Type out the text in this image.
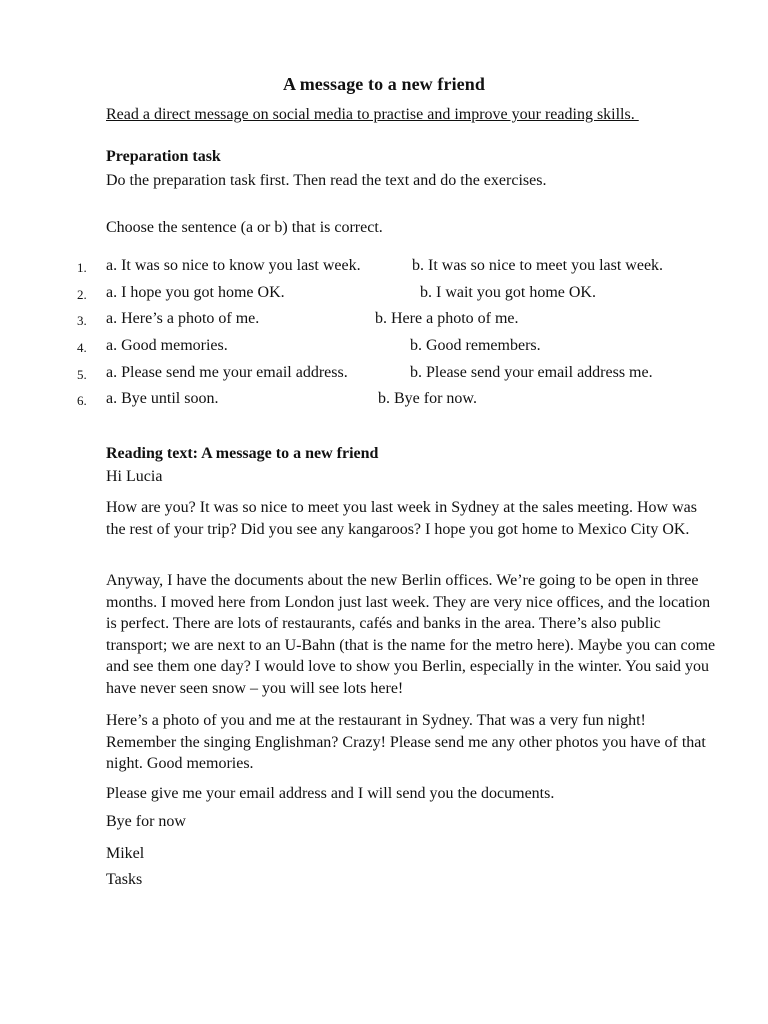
A message to a new friend
Read a direct message on social media to practise and improve your reading skills.
Preparation task
Do the preparation task first. Then read the text and do the exercises.
Choose the sentence (a or b) that is correct.
1. a. It was so nice to know you last week.	b. It was so nice to meet you last week.
2. a. I hope you got home OK.	b. I wait you got home OK.
3. a. Here’s a photo of me.	b. Here a photo of me.
4. a. Good memories.	b. Good remembers.
5. a. Please send me your email address.	b. Please send your email address me.
6. a. Bye until soon.	b. Bye for now.
Reading text: A message to a new friend
Hi Lucia
How are you? It was so nice to meet you last week in Sydney at the sales meeting. How was the rest of your trip? Did you see any kangaroos? I hope you got home to Mexico City OK.
Anyway, I have the documents about the new Berlin offices. We’re going to be open in three months. I moved here from London just last week. They are very nice offices, and the location is perfect. There are lots of restaurants, cafés and banks in the area. There’s also public transport; we are next to an U-Bahn (that is the name for the metro here). Maybe you can come and see them one day? I would love to show you Berlin, especially in the winter. You said you have never seen snow – you will see lots here!
Here’s a photo of you and me at the restaurant in Sydney. That was a very fun night! Remember the singing Englishman? Crazy! Please send me any other photos you have of that night. Good memories.
Please give me your email address and I will send you the documents.
Bye for now
Mikel
Tasks
